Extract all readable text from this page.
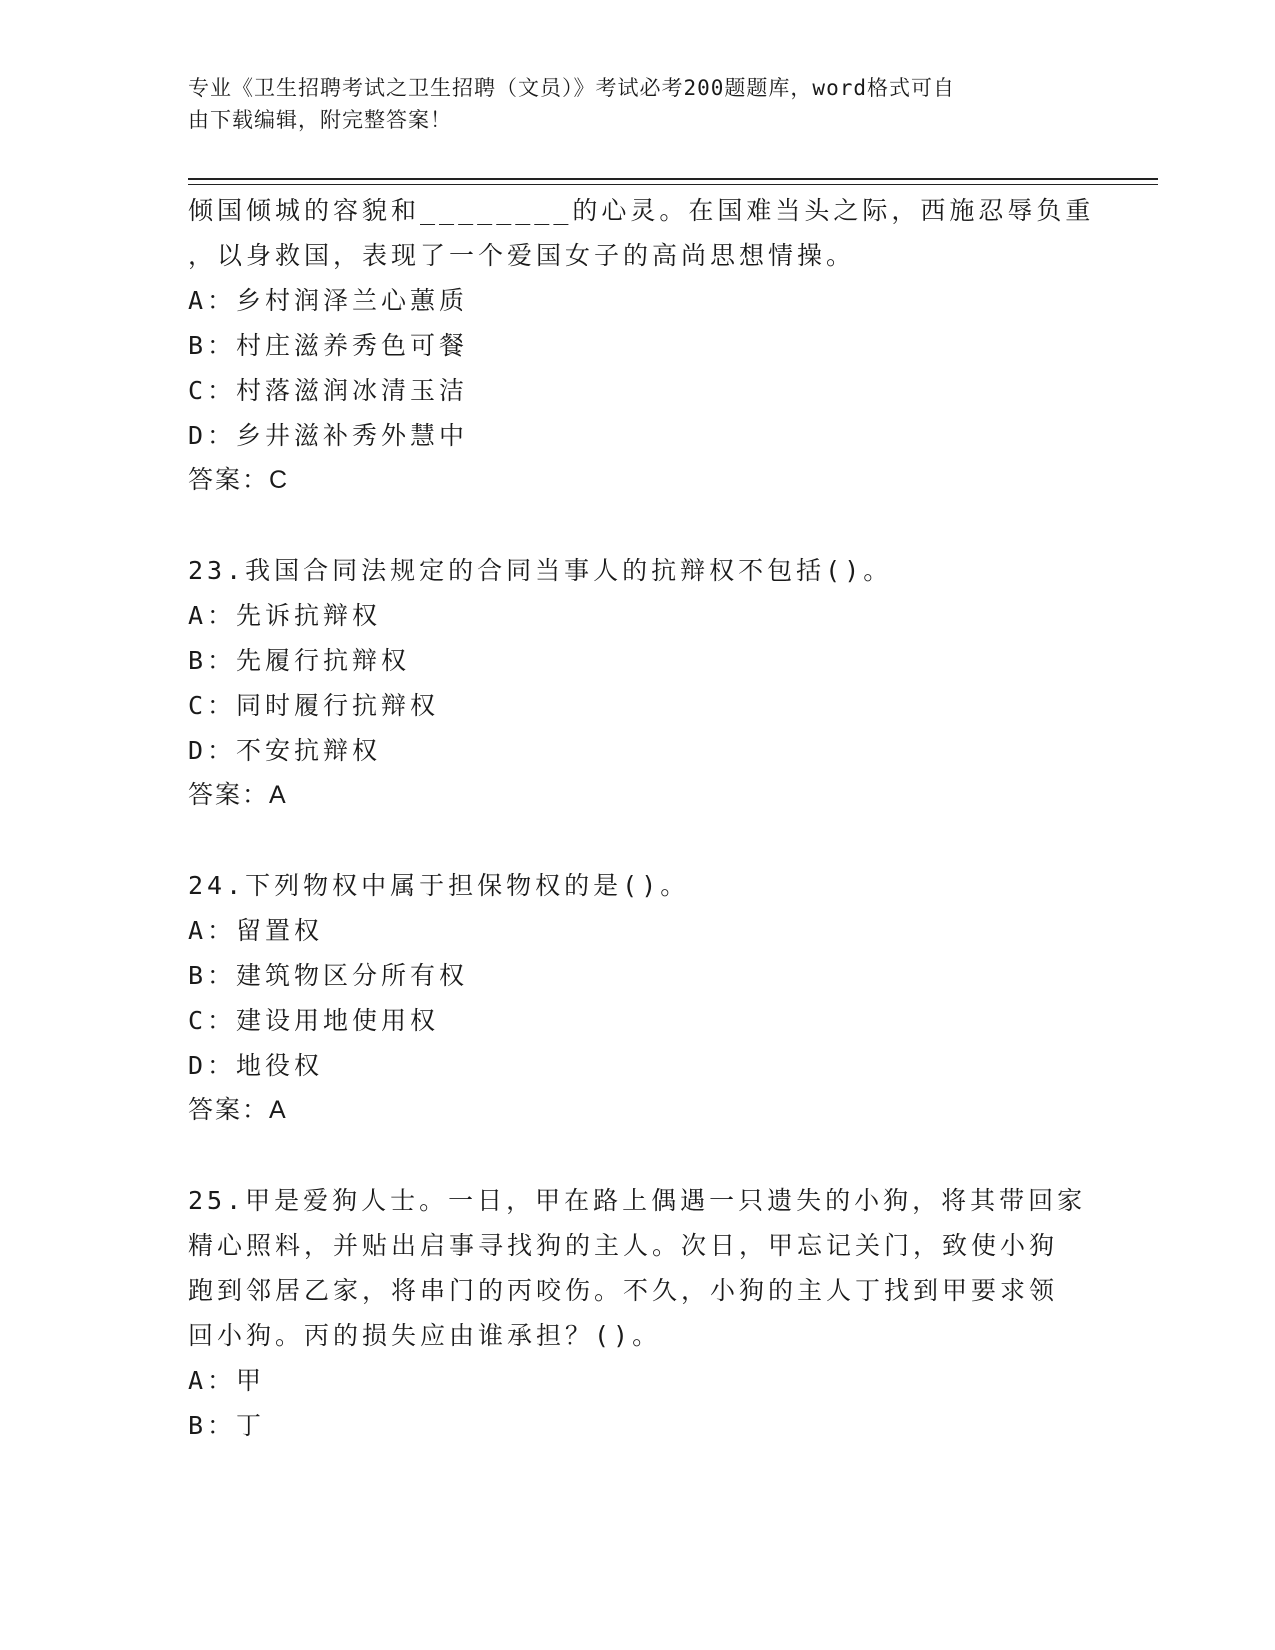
专业《卫生招聘考试之卫生招聘（文员）》考试必考200题题库，word格式可自
由下载编辑，附完整答案！
倾国倾城的容貌和________的心灵。在国难当头之际，西施忍辱负重
，以身救国，表现了一个爱国女子的高尚思想情操。
A：乡村润泽兰心蕙质
B：村庄滋养秀色可餐
C：村落滋润冰清玉洁
D：乡井滋补秀外慧中
答案：C
23.我国合同法规定的合同当事人的抗辩权不包括()。
A：先诉抗辩权
B：先履行抗辩权
C：同时履行抗辩权
D：不安抗辩权
答案：A
24.下列物权中属于担保物权的是()。
A：留置权
B：建筑物区分所有权
C：建设用地使用权
D：地役权
答案：A
25.甲是爱狗人士。一日，甲在路上偶遇一只遗失的小狗，将其带回家
精心照料，并贴出启事寻找狗的主人。次日，甲忘记关门，致使小狗
跑到邻居乙家，将串门的丙咬伤。不久，小狗的主人丁找到甲要求领
回小狗。丙的损失应由谁承担？()。
A：甲
B：丁
